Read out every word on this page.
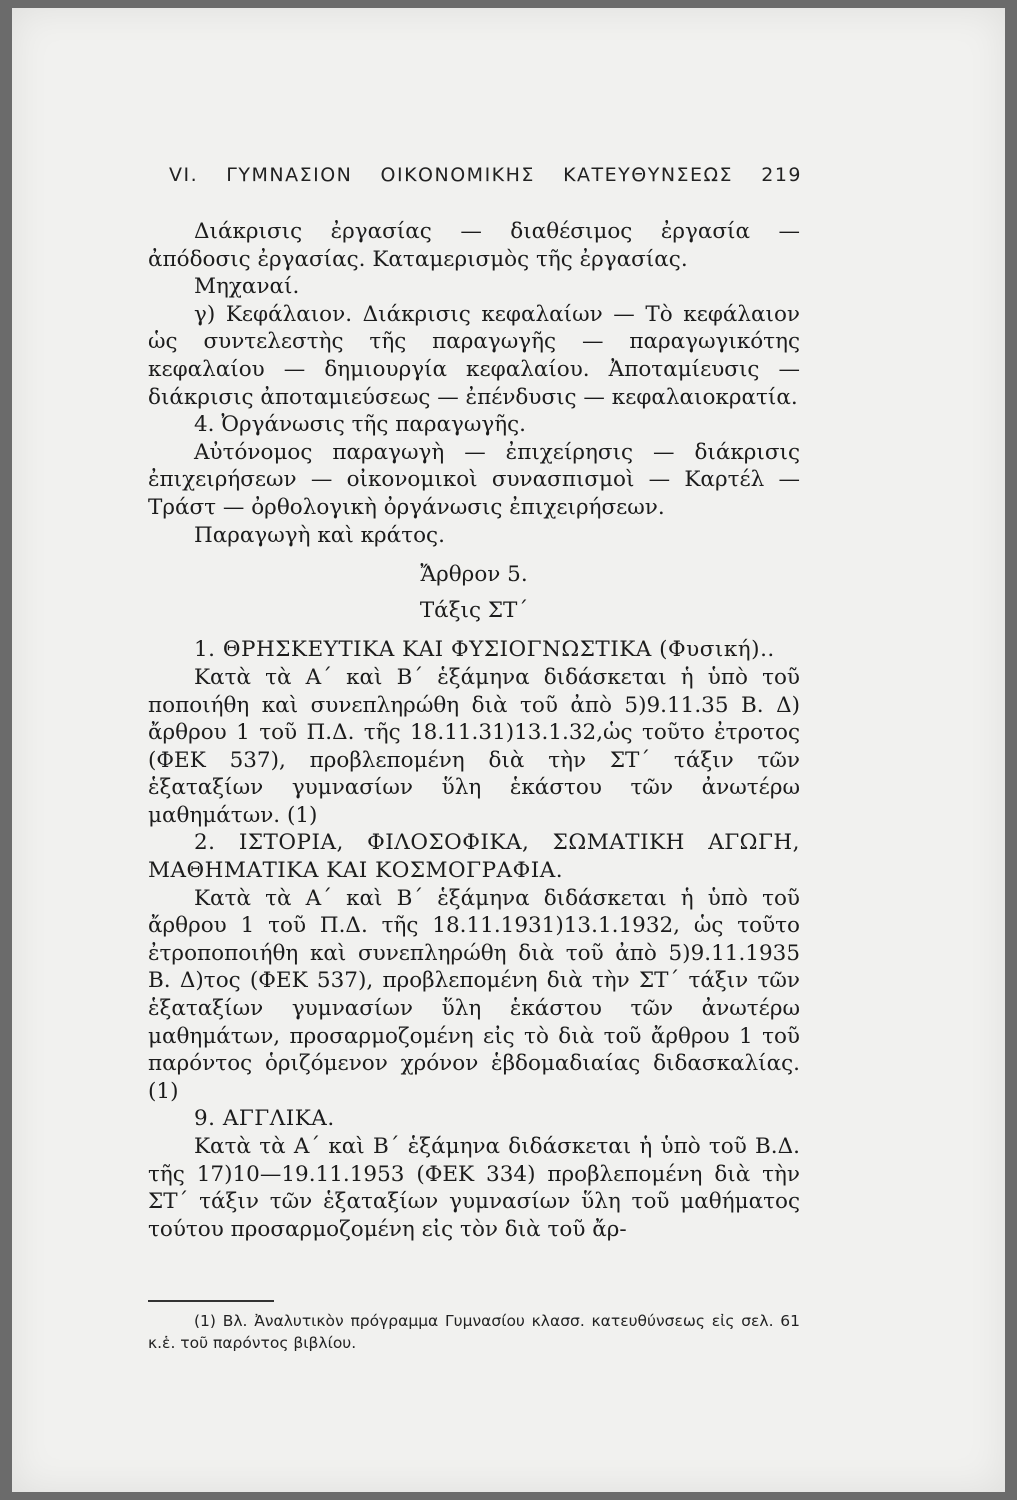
VI. ΓΥΜΝΑΣΙΟΝ ΟΙΚΟΝΟΜΙΚΗΣ ΚΑΤΕΥΘΥΝΣΕΩΣ 219

Διάκρισις ἐργασίας — διαθέσιμος ἐργασία — ἀπόδοσις ἐργασίας. Καταμερισμὸς τῆς ἐργασίας.

Μηχαναί.

γ) Κεφάλαιον. Διάκρισις κεφαλαίων — Τὸ κεφάλαιον ὡς συντελεστὴς τῆς παραγωγῆς — παραγωγικότης κεφαλαίου — δημιουργία κεφαλαίου. Ἀποταμίευσις — διάκρισις ἀποταμιεύσεως — ἐπένδυσις — κεφαλαιοκρατία.

4. Ὀργάνωσις τῆς παραγωγῆς.

Αὐτόνομος παραγωγὴ — ἐπιχείρησις — διάκρισις ἐπιχειρήσεων — οἰκονομικοὶ συνασπισμοὶ — Καρτέλ — Τράστ — ὀρθολογικὴ ὀργάνωσις ἐπιχειρήσεων.

Παραγωγὴ καὶ κράτος.

Ἄρθρον 5.

Τάξις ΣΤ΄

1. ΘΡΗΣΚΕΥΤΙΚΑ ΚΑΙ ΦΥΣΙΟΓΝΩΣΤΙΚΑ (Φυσική)..

Κατὰ τὰ Α΄ καὶ Β΄ ἑξάμηνα διδάσκεται ἡ ὑπὸ τοῦ ποποιήθη καὶ συνεπληρώθη διὰ τοῦ ἀπὸ 5)9.11.35 Β. Δ) ἄρθρου 1 τοῦ Π.Δ. τῆς 18.11.31)13.1.32,ὡς τοῦτο ἐτροτος (ΦΕΚ 537), προβλεπομένη διὰ τὴν ΣΤ΄ τάξιν τῶν ἑξαταξίων γυμνασίων ὕλη ἑκάστου τῶν ἀνωτέρω μαθημάτων. (1)

2. ΙΣΤΟΡΙΑ, ΦΙΛΟΣΟΦΙΚΑ, ΣΩΜΑΤΙΚΗ ΑΓΩΓΗ, ΜΑΘΗΜΑΤΙΚΑ ΚΑΙ ΚΟΣΜΟΓΡΑΦΙΑ.

Κατὰ τὰ Α΄ καὶ Β΄ ἑξάμηνα διδάσκεται ἡ ὑπὸ τοῦ ἄρθρου 1 τοῦ Π.Δ. τῆς 18.11.1931)13.1.1932, ὡς τοῦτο ἐτροποποιήθη καὶ συνεπληρώθη διὰ τοῦ ἀπὸ 5)9.11.1935 Β. Δ)τος (ΦΕΚ 537), προβλεπομένη διὰ τὴν ΣΤ΄ τάξιν τῶν ἑξαταξίων γυμνασίων ὕλη ἑκάστου τῶν ἀνωτέρω μαθημάτων, προσαρμοζομένη εἰς τὸ διὰ τοῦ ἄρθρου 1 τοῦ παρόντος ὁριζόμενον χρόνον ἑβδομαδιαίας διδασκαλίας. (1)

9. ΑΓΓΛΙΚΑ.

Κατὰ τὰ Α΄ καὶ Β΄ ἑξάμηνα διδάσκεται ἡ ὑπὸ τοῦ Β.Δ. τῆς 17)10—19.11.1953 (ΦΕΚ 334) προβλεπομένη διὰ τὴν ΣΤ΄ τάξιν τῶν ἑξαταξίων γυμνασίων ὕλη τοῦ μαθήματος τούτου προσαρμοζομένη εἰς τὸν διὰ τοῦ ἄρ-

(1) Βλ. Ἀναλυτικὸν πρόγραμμα Γυμνασίου κλασσ. κατευθύνσεως εἰς σελ. 61 κ.ἑ. τοῦ παρόντος βιβλίου.
